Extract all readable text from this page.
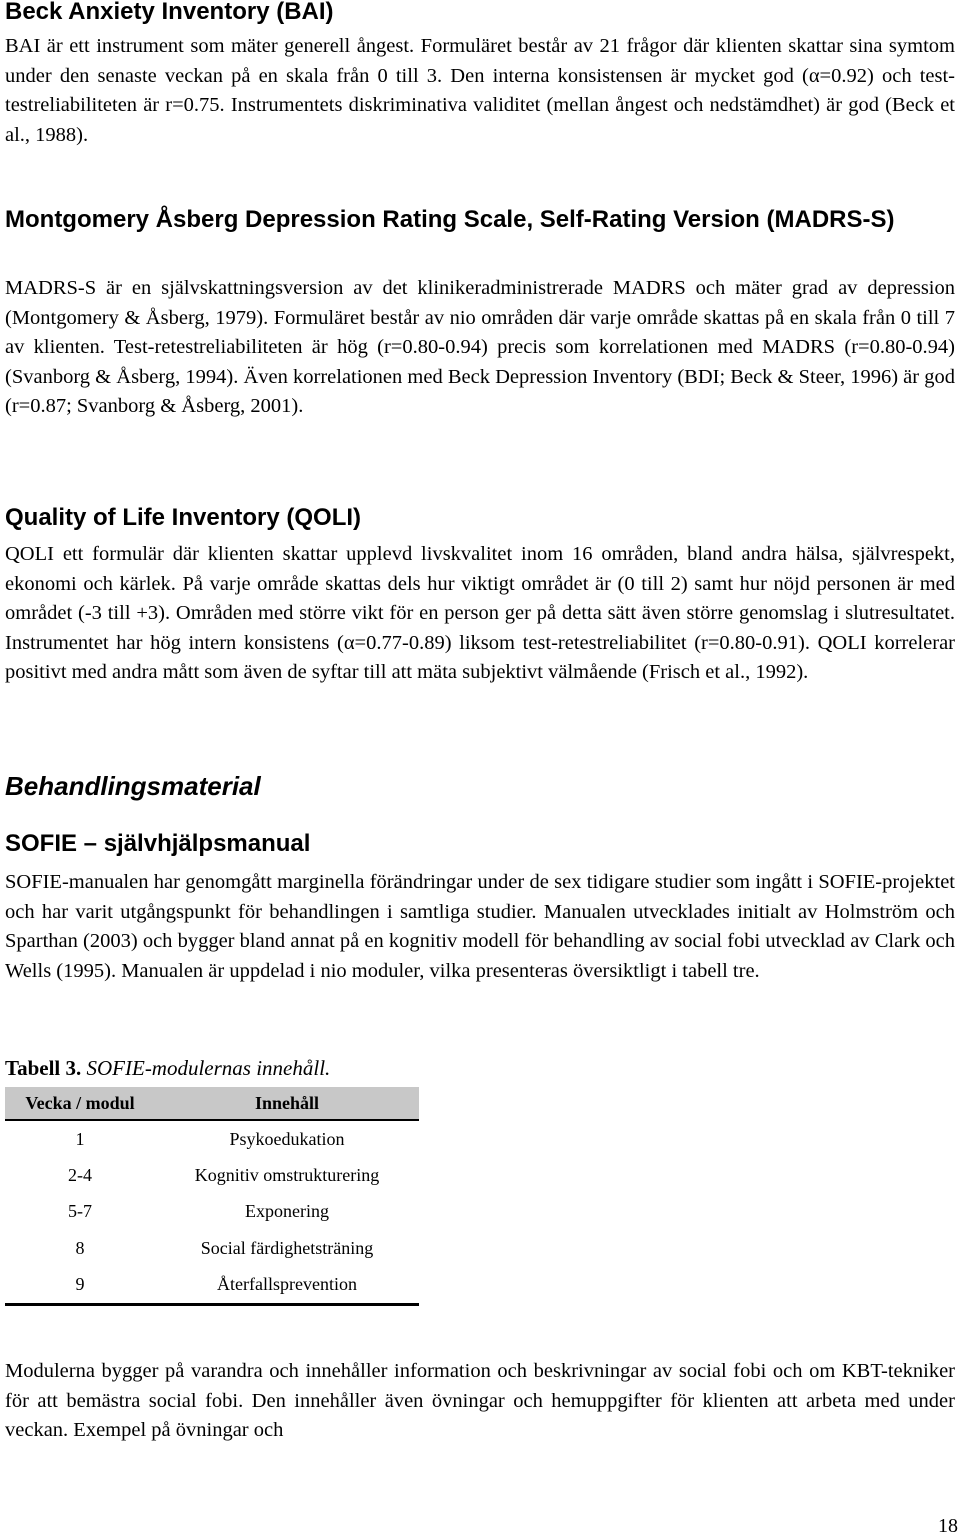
Beck Anxiety Inventory (BAI)

BAI är ett instrument som mäter generell ångest. Formuläret består av 21 frågor där klienten skattar sina symtom under den senaste veckan på en skala från 0 till 3. Den interna konsistensen är mycket god (α=0.92) och test-testreliabiliteten är r=0.75. Instrumentets diskriminativa validitet (mellan ångest och nedstämdhet) är god (Beck et al., 1988).

Montgomery Åsberg Depression Rating Scale, Self-Rating Version (MADRS-S)

MADRS-S är en självskattningsversion av det klinikeradministrerade MADRS och mäter grad av depression (Montgomery & Åsberg, 1979). Formuläret består av nio områden där varje område skattas på en skala från 0 till 7 av klienten. Test-retestreliabiliteten är hög (r=0.80-0.94) precis som korrelationen med MADRS (r=0.80-0.94) (Svanborg & Åsberg, 1994). Även korrelationen med Beck Depression Inventory (BDI; Beck & Steer, 1996) är god (r=0.87; Svanborg & Åsberg, 2001).

Quality of Life Inventory (QOLI)

QOLI ett formulär där klienten skattar upplevd livskvalitet inom 16 områden, bland andra hälsa, självrespekt, ekonomi och kärlek. På varje område skattas dels hur viktigt området är (0 till 2) samt hur nöjd personen är med området (-3 till +3). Områden med större vikt för en person ger på detta sätt även större genomslag i slutresultatet. Instrumentet har hög intern konsistens (α=0.77-0.89) liksom test-retestreliabilitet (r=0.80-0.91). QOLI korrelerar positivt med andra mått som även de syftar till att mäta subjektivt välmående (Frisch et al., 1992).

Behandlingsmaterial
SOFIE – självhjälpsmanual

SOFIE-manualen har genomgått marginella förändringar under de sex tidigare studier som ingått i SOFIE-projektet och har varit utgångspunkt för behandlingen i samtliga studier. Manualen utvecklades initialt av Holmström och Sparthan (2003) och bygger bland annat på en kognitiv modell för behandling av social fobi utvecklad av Clark och Wells (1995). Manualen är uppdelad i nio moduler, vilka presenteras översiktligt i tabell tre.

Tabell 3. SOFIE-modulernas innehåll.
Vecka / modul	Innehåll
1	Psykoedukation
2-4	Kognitiv omstrukturering
5-7	Exponering
8	Social färdighetsträning
9	Återfallsprevention

Modulerna bygger på varandra och innehåller information och beskrivningar av social fobi och om KBT-tekniker för att bemästra social fobi. Den innehåller även övningar och hemuppgifter för klienten att arbeta med under veckan. Exempel på övningar och

18
